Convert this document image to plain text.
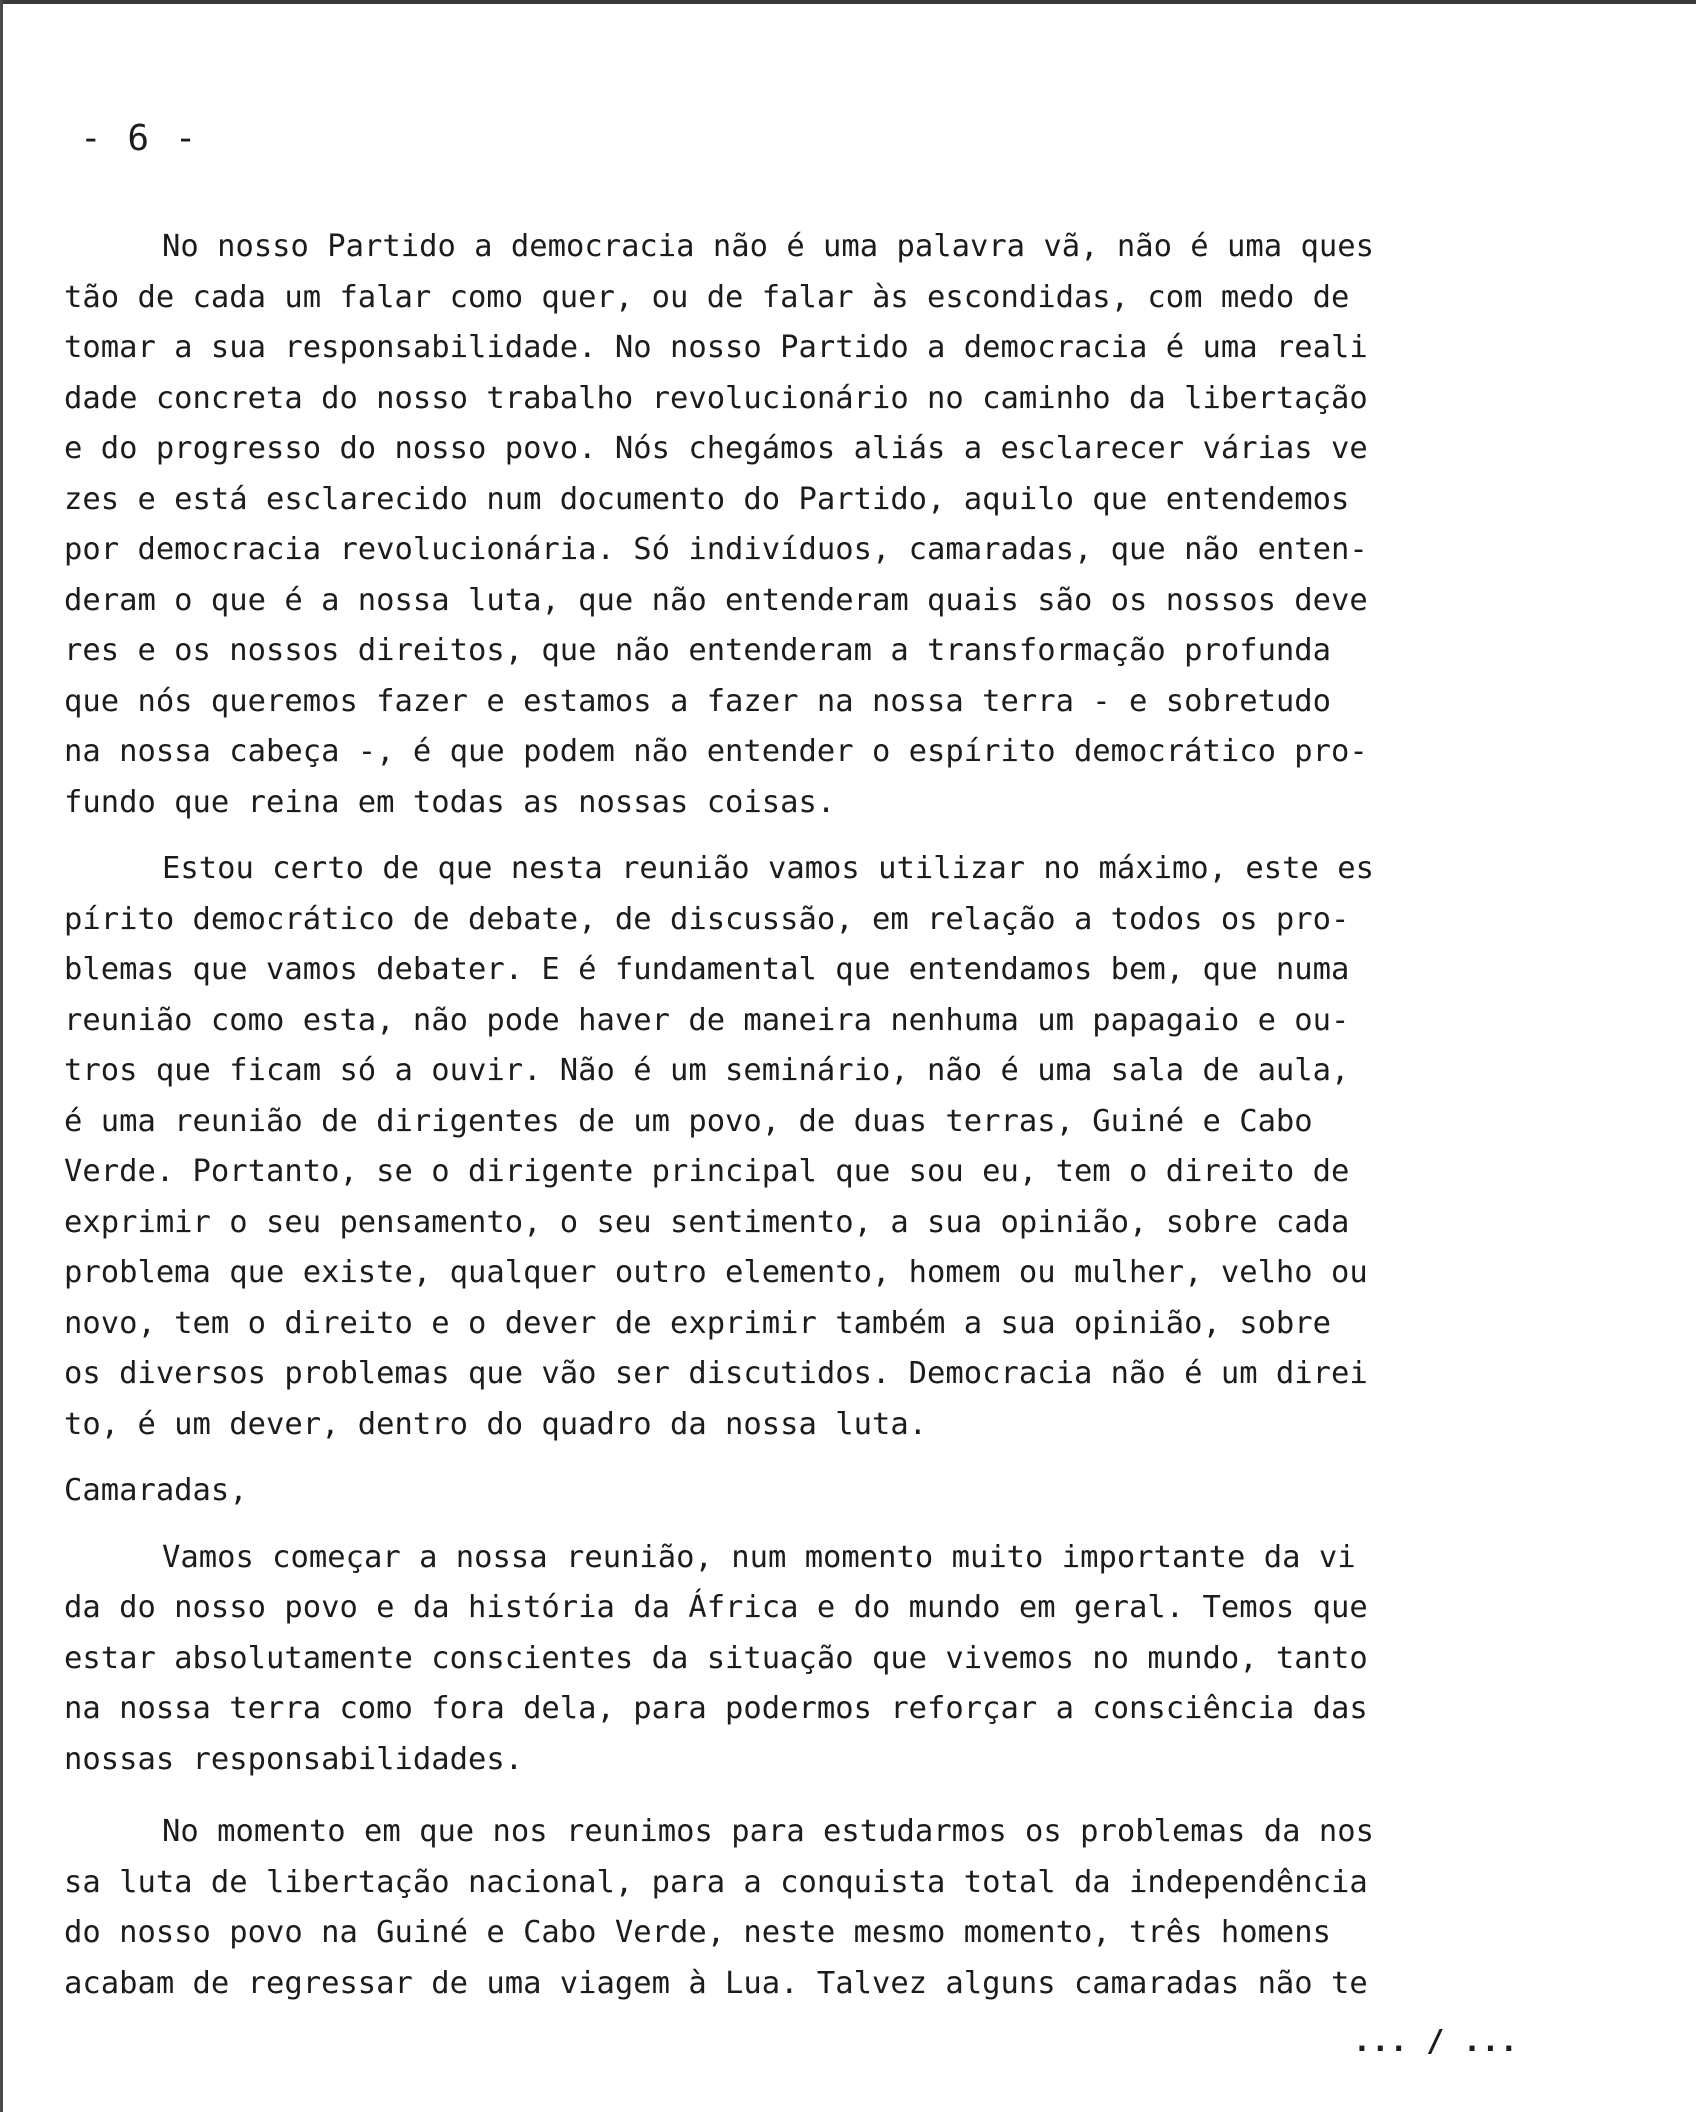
- 6 -
No nosso Partido a democracia não é uma palavra vã, não é uma ques
tão de cada um falar como quer, ou de falar às escondidas, com medo de
tomar a sua responsabilidade. No nosso Partido a democracia é uma reali
dade concreta do nosso trabalho revolucionário no caminho da libertação
e do progresso do nosso povo. Nós chegámos aliás a esclarecer várias ve
zes e está esclarecido num documento do Partido, aquilo que entendemos
por democracia revolucionária. Só indivíduos, camaradas, que não enten-
deram o que é a nossa luta, que não entenderam quais são os nossos deve
res e os nossos direitos, que não entenderam a transformação profunda
que nós queremos fazer e estamos a fazer na nossa terra - e sobretudo
na nossa cabeça -, é que podem não entender o espírito democrático pro-
fundo que reina em todas as nossas coisas.
Estou certo de que nesta reunião vamos utilizar no máximo, este es
pírito democrático de debate, de discussão, em relação a todos os pro-
blemas que vamos debater. E é fundamental que entendamos bem, que numa
reunião como esta, não pode haver de maneira nenhuma um papagaio e ou-
tros que ficam só a ouvir. Não é um seminário, não é uma sala de aula,
é uma reunião de dirigentes de um povo, de duas terras, Guiné e Cabo
Verde. Portanto, se o dirigente principal que sou eu, tem o direito de
exprimir o seu pensamento, o seu sentimento, a sua opinião, sobre cada
problema que existe, qualquer outro elemento, homem ou mulher, velho ou
novo, tem o direito e o dever de exprimir também a sua opinião, sobre
os diversos problemas que vão ser discutidos. Democracia não é um direi
to, é um dever, dentro do quadro da nossa luta.
Camaradas,
Vamos começar a nossa reunião, num momento muito importante da vi
da do nosso povo e da história da África e do mundo em geral. Temos que
estar absolutamente conscientes da situação que vivemos no mundo, tanto
na nossa terra como fora dela, para podermos reforçar a consciência das
nossas responsabilidades.
No momento em que nos reunimos para estudarmos os problemas da nos
sa luta de libertação nacional, para a conquista total da independência
do nosso povo na Guiné e Cabo Verde, neste mesmo momento, três homens
acabam de regressar de uma viagem à Lua. Talvez alguns camaradas não te
... / ...
